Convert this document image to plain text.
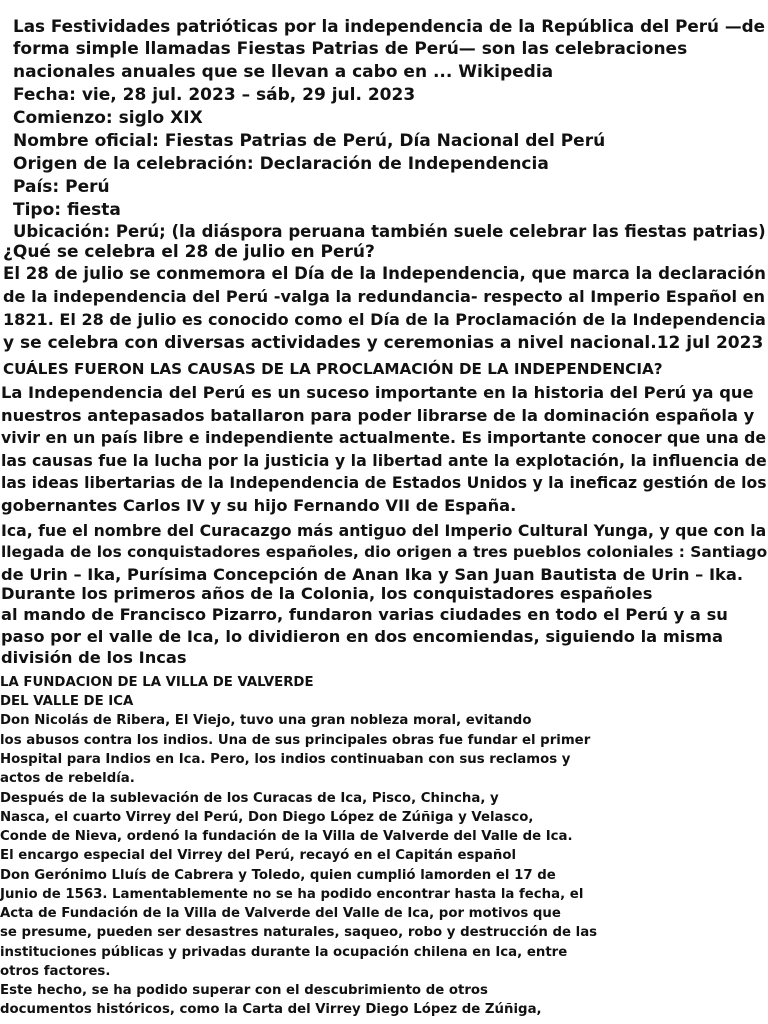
Las Festividades patrióticas por la independencia de la República del Perú —de
forma simple llamadas Fiestas Patrias de Perú— son las celebraciones
nacionales anuales que se llevan a cabo en ... Wikipedia
Fecha: vie, 28 jul. 2023 – sáb, 29 jul. 2023
Comienzo: siglo XIX
Nombre oficial: Fiestas Patrias de Perú, Día Nacional del Perú
Origen de la celebración: Declaración de Independencia
País: Perú
Tipo: fiesta
Ubicación: Perú; (la diáspora peruana también suele celebrar las fiestas patrias)
¿Qué se celebra el 28 de julio en Perú?
El 28 de julio se conmemora el Día de la Independencia, que marca la declaración
de la independencia del Perú -valga la redundancia- respecto al Imperio Español en
1821. El 28 de julio es conocido como el Día de la Proclamación de la Independencia
y se celebra con diversas actividades y ceremonias a nivel nacional.12 jul 2023
CUÁLES FUERON LAS CAUSAS DE LA PROCLAMACIÓN DE LA INDEPENDENCIA?
La Independencia del Perú es un suceso importante en la historia del Perú ya que
nuestros antepasados batallaron para poder librarse de la dominación española y
vivir en un país libre e independiente actualmente. Es importante conocer que una de
las causas fue la lucha por la justicia y la libertad ante la explotación, la influencia de
las ideas libertarias de la Independencia de Estados Unidos y la ineficaz gestión de los
gobernantes Carlos IV y su hijo Fernando VII de España.
Ica, fue el nombre del Curacazgo más antiguo del Imperio Cultural Yunga, y que con la
llegada de los conquistadores españoles, dio origen a tres pueblos coloniales : Santiago
de Urin – Ika, Purísima Concepción de Anan Ika y San Juan Bautista de Urin – Ika.
Durante los primeros años de la Colonia, los conquistadores españoles
al mando de Francisco Pizarro, fundaron varias ciudades en todo el Perú y a su
paso por el valle de Ica, lo dividieron en dos encomiendas, siguiendo la misma
división de los Incas
LA FUNDACION DE LA VILLA DE VALVERDE
DEL VALLE DE ICA
Don Nicolás de Ribera, El Viejo, tuvo una gran nobleza moral, evitando
los abusos contra los indios. Una de sus principales obras fue fundar el primer
Hospital para Indios en Ica. Pero, los indios continuaban con sus reclamos y
actos de rebeldía.
Después de la sublevación de los Curacas de Ica, Pisco, Chincha, y
Nasca, el cuarto Virrey del Perú, Don Diego López de Zúñiga y Velasco,
Conde de Nieva, ordenó la fundación de la Villa de Valverde del Valle de Ica.
El encargo especial del Virrey del Perú, recayó en el Capitán español
Don Gerónimo Lluís de Cabrera y Toledo, quien cumplió lamorden el 17 de
Junio de 1563. Lamentablemente no se ha podido encontrar hasta la fecha, el
Acta de Fundación de la Villa de Valverde del Valle de Ica, por motivos que
se presume, pueden ser desastres naturales, saqueo, robo y destrucción de las
instituciones públicas y privadas durante la ocupación chilena en Ica, entre
otros factores.
Este hecho, se ha podido superar con el descubrimiento de otros
documentos históricos, como la Carta del Virrey Diego López de Zúñiga,
